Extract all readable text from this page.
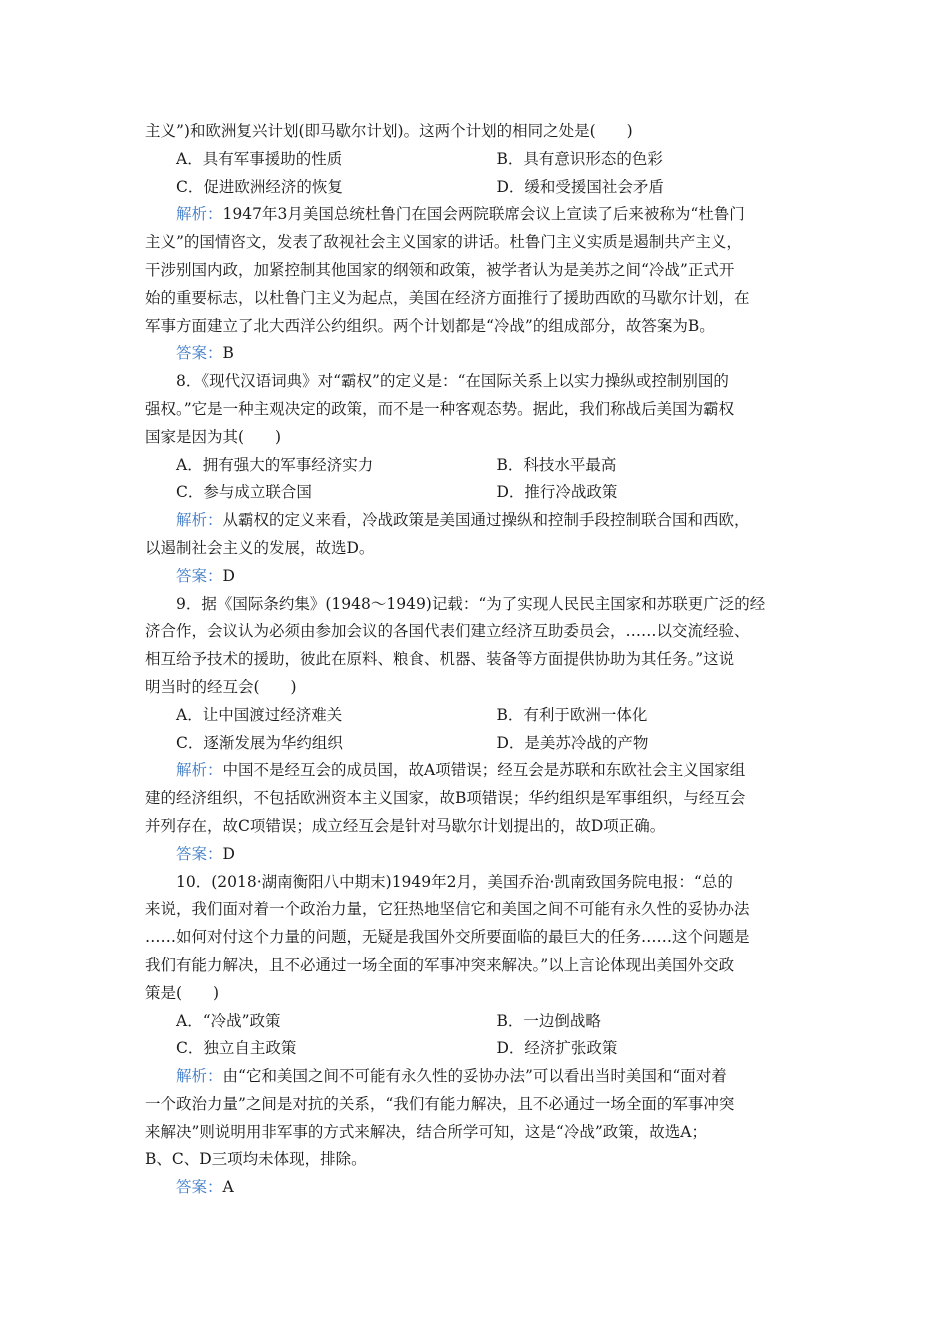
主义”)和欧洲复兴计划(即马歇尔计划)。这两个计划的相同之处是(　　)
A．具有军事援助的性质	B．具有意识形态的色彩
C．促进欧洲经济的恢复	D．缓和受援国社会矛盾
解析：1947年3月美国总统杜鲁门在国会两院联席会议上宣读了后来被称为“杜鲁门
主义”的国情咨文，发表了敌视社会主义国家的讲话。杜鲁门主义实质是遏制共产主义，
干涉别国内政，加紧控制其他国家的纲领和政策，被学者认为是美苏之间“冷战”正式开
始的重要标志，以杜鲁门主义为起点，美国在经济方面推行了援助西欧的马歇尔计划，在
军事方面建立了北大西洋公约组织。两个计划都是“冷战”的组成部分，故答案为B。
答案：B
8．《现代汉语词典》对“霸权”的定义是：“在国际关系上以实力操纵或控制别国的
强权。”它是一种主观决定的政策，而不是一种客观态势。据此，我们称战后美国为霸权
国家是因为其(　　)
A．拥有强大的军事经济实力	B．科技水平最高
C．参与成立联合国	D．推行冷战政策
解析：从霸权的定义来看，冷战政策是美国通过操纵和控制手段控制联合国和西欧，
以遏制社会主义的发展，故选D。
答案：D
9．据《国际条约集》(1948～1949)记载：“为了实现人民民主国家和苏联更广泛的经
济合作，会议认为必须由参加会议的各国代表们建立经济互助委员会，……以交流经验、
相互给予技术的援助，彼此在原料、粮食、机器、装备等方面提供协助为其任务。”这说
明当时的经互会(　　)
A．让中国渡过经济难关	B．有利于欧洲一体化
C．逐渐发展为华约组织	D．是美苏冷战的产物
解析：中国不是经互会的成员国，故A项错误；经互会是苏联和东欧社会主义国家组
建的经济组织，不包括欧洲资本主义国家，故B项错误；华约组织是军事组织，与经互会
并列存在，故C项错误；成立经互会是针对马歇尔计划提出的，故D项正确。
答案：D
10．(2018·湖南衡阳八中期末)1949年2月，美国乔治·凯南致国务院电报：“总的
来说，我们面对着一个政治力量，它狂热地坚信它和美国之间不可能有永久性的妥协办法
……如何对付这个力量的问题，无疑是我国外交所要面临的最巨大的任务……这个问题是
我们有能力解决，且不必通过一场全面的军事冲突来解决。”以上言论体现出美国外交政
策是(　　)
A．“冷战”政策	B．一边倒战略
C．独立自主政策	D．经济扩张政策
解析：由“它和美国之间不可能有永久性的妥协办法”可以看出当时美国和“面对着
一个政治力量”之间是对抗的关系，“我们有能力解决，且不必通过一场全面的军事冲突
来解决”则说明用非军事的方式来解决，结合所学可知，这是“冷战”政策，故选A；
B、C、D三项均未体现，排除。
答案：A
